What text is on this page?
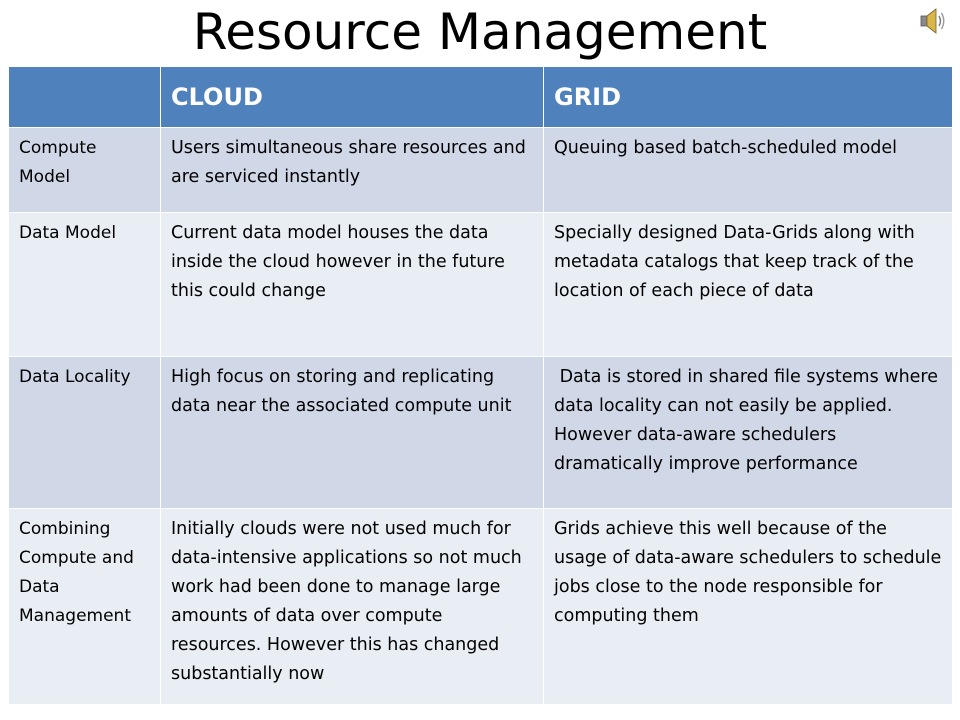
Resource Management
	CLOUD	GRID
Compute Model	Users simultaneous share resources and are serviced instantly	Queuing based batch-scheduled model
Data Model	Current data model houses the data inside the cloud however in the future this could change	Specially designed Data-Grids along with metadata catalogs that keep track of the location of each piece of data
Data Locality	High focus on storing and replicating data near the associated compute unit	Data is stored in shared file systems where data locality can not easily be applied. However data-aware schedulers dramatically improve performance
Combining Compute and Data Management	Initially clouds were not used much for data-intensive applications so not much work had been done to manage large amounts of data over compute resources. However this has changed substantially now	Grids achieve this well because of the usage of data-aware schedulers to schedule jobs close to the node responsible for computing them
